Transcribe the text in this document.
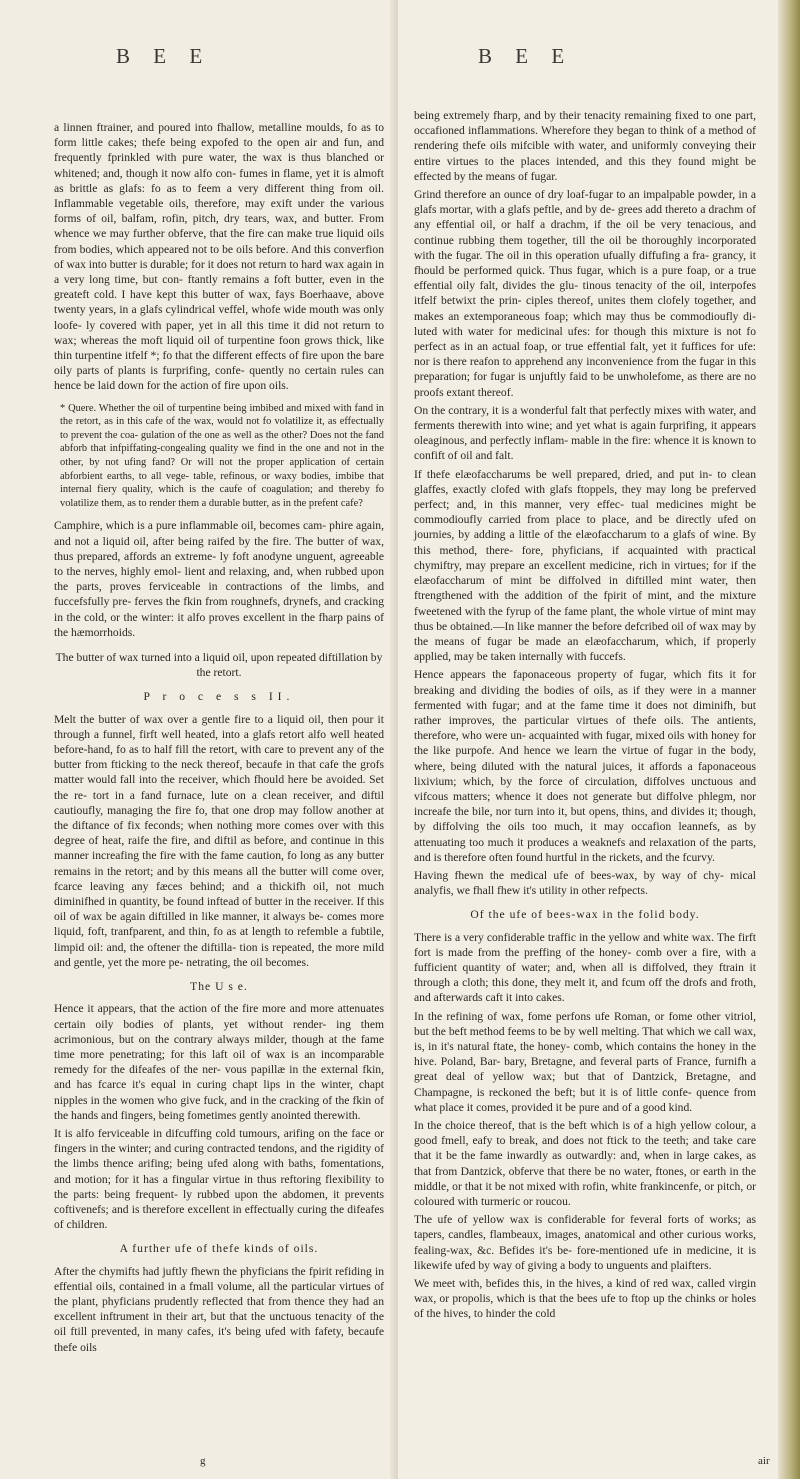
B E E

a linnen ftrainer, and poured into fhallow, metalline moulds, fo as to form little cakes; thefe being expofed to the open air and fun, and frequently fprinkled with pure water, the wax is thus blanched or whitened; and, though it now alfo con- fumes in flame, yet it is almoft as brittle as glafs: fo as to feem a very different thing from oil. Inflammable vegetable oils, therefore, may exift under the various forms of oil, balfam, rofin, pitch, dry tears, wax, and butter. From whence we may further obferve, that the fire can make true liquid oils from bodies, which appeared not to be oils before. And this converfion of wax into butter is durable; for it does not return to hard wax again in a very long time, but con- ftantly remains a foft butter, even in the greateft cold. I have kept this butter of wax, fays Boerhaave, above twenty years, in a glafs cylindrical veffel, whofe wide mouth was only loofe- ly covered with paper, yet in all this time it did not return to wax; whereas the moft liquid oil of turpentine foon grows thick, like thin turpentine itfelf *; fo that the different effects of fire upon the bare oily parts of plants is furprifing, confe- quently no certain rules can hence be laid down for the action of fire upon oils.

* Quere. Whether the oil of turpentine being imbibed and mixed with fand in the retort, as in this cafe of the wax, would not fo volatilize it, as effectually to prevent the coa- gulation of the one as well as the other? Does not the fand abforb that infpiffating-congealing quality we find in the one and not in the other, by not ufing fand? Or will not the proper application of certain abforbient earths, to all vege- table, refinous, or waxy bodies, imbibe that internal fiery quality, which is the caufe of coagulation; and thereby fo volatilize them, as to render them a durable butter, as in the prefent cafe?

Camphire, which is a pure inflammable oil, becomes cam- phire again, and not a liquid oil, after being raifed by the fire. The butter of wax, thus prepared, affords an extreme- ly foft anodyne unguent, agreeable to the nerves, highly emol- lient and relaxing, and, when rubbed upon the parts, proves ferviceable in contractions of the limbs, and fuccefsfully pre- ferves the fkin from roughnefs, drynefs, and cracking in the cold, or the winter: it alfo proves excellent in the fharp pains of the hæmorrhoids.

The butter of wax turned into a liquid oil, upon repeated diftillation by the retort.

P r o c e s s II.

Melt the butter of wax over a gentle fire to a liquid oil, then pour it through a funnel, firft well heated, into a glafs retort alfo well heated before-hand, fo as to half fill the retort, with care to prevent any of the butter from fticking to the neck thereof, becaufe in that cafe the grofs matter would fall into the receiver, which fhould here be avoided. Set the re- tort in a fand furnace, lute on a clean receiver, and diftil cautioufly, managing the fire fo, that one drop may follow another at the diftance of fix feconds; when nothing more comes over with this degree of heat, raife the fire, and diftil as before, and continue in this manner increafing the fire with the fame caution, fo long as any butter remains in the retort; and by this means all the butter will come over, fcarce leaving any fæces behind; and a thickifh oil, not much diminifhed in quantity, be found inftead of butter in the receiver. If this oil of wax be again diftilled in like manner, it always be- comes more liquid, foft, tranfparent, and thin, fo as at length to refemble a fubtile, limpid oil: and, the oftener the diftilla- tion is repeated, the more mild and gentle, yet the more pe- netrating, the oil becomes.

The U s e.

Hence it appears, that the action of the fire more and more attenuates certain oily bodies of plants, yet without render- ing them acrimonious, but on the contrary always milder, though at the fame time more penetrating; for this laft oil of wax is an incomparable remedy for the difeafes of the ner- vous papillæ in the external fkin, and has fcarce it's equal in curing chapt lips in the winter, chapt nipples in the women who give fuck, and in the cracking of the fkin of the hands and fingers, being fometimes gently anointed therewith.

It is alfo ferviceable in difcuffing cold tumours, arifing on the face or fingers in the winter; and curing contracted tendons, and the rigidity of the limbs thence arifing; being ufed along with baths, fomentations, and motion; for it has a fingular virtue in thus reftoring flexibility to the parts: being frequent- ly rubbed upon the abdomen, it prevents coftivenefs; and is therefore excellent in effectually curing the difeafes of children.

A further ufe of thefe kinds of oils.

After the chymifts had juftly fhewn the phyficians the fpirit refiding in effential oils, contained in a fmall volume, all the particular virtues of the plant, phyficians prudently reflected that from thence they had an excellent inftrument in their art, but that the unctuous tenacity of the oil ftill prevented, in many cafes, it's being ufed with fafety, becaufe thefe oils

g
B E E

being extremely fharp, and by their tenacity remaining fixed to one part, occafioned inflammations. Wherefore they began to think of a method of rendering thefe oils mifcible with water, and uniformly conveying their entire virtues to the places intended, and this they found might be effected by the means of fugar.

Grind therefore an ounce of dry loaf-fugar to an impalpable powder, in a glafs mortar, with a glafs peftle, and by de- grees add thereto a drachm of any effential oil, or half a drachm, if the oil be very tenacious, and continue rubbing them together, till the oil be thoroughly incorporated with the fugar. The oil in this operation ufually diffufing a fra- grancy, it fhould be performed quick. Thus fugar, which is a pure foap, or a true effential oily falt, divides the glu- tinous tenacity of the oil, interpofes itfelf betwixt the prin- ciples thereof, unites them clofely together, and makes an extemporaneous foap; which may thus be commodioufly di- luted with water for medicinal ufes: for though this mixture is not fo perfect as in an actual foap, or true effential falt, yet it fuffices for ufe: nor is there reafon to apprehend any inconvenience from the fugar in this preparation; for fugar is unjuftly faid to be unwholefome, as there are no proofs extant thereof.

On the contrary, it is a wonderful falt that perfectly mixes with water, and ferments therewith into wine; and yet what is again furprifing, it appears oleaginous, and perfectly inflam- mable in the fire: whence it is known to confift of oil and falt.

If thefe elæofaccharums be well prepared, dried, and put in- to clean glaffes, exactly clofed with glafs ftoppels, they may long be preferved perfect; and, in this manner, very effec- tual medicines might be commodioufly carried from place to place, and be directly ufed on journies, by adding a little of the elæofaccharum to a glafs of wine. By this method, there- fore, phyficians, if acquainted with practical chymiftry, may prepare an excellent medicine, rich in virtues; for if the elæofaccharum of mint be diffolved in diftilled mint water, then ftrengthened with the addition of the fpirit of mint, and the mixture fweetened with the fyrup of the fame plant, the whole virtue of mint may thus be obtained.—In like manner the before defcribed oil of wax may by the means of fugar be made an elæofaccharum, which, if properly applied, may be taken internally with fuccefs.

Hence appears the faponaceous property of fugar, which fits it for breaking and dividing the bodies of oils, as if they were in a manner fermented with fugar; and at the fame time it does not diminifh, but rather improves, the particular virtues of thefe oils. The antients, therefore, who were un- acquainted with fugar, mixed oils with honey for the like purpofe. And hence we learn the virtue of fugar in the body, where, being diluted with the natural juices, it affords a faponaceous lixivium; which, by the force of circulation, diffolves unctuous and vifcous matters; whence it does not generate but diffolve phlegm, nor increafe the bile, nor turn into it, but opens, thins, and divides it; though, by diffolving the oils too much, it may occafion leannefs, as by attenuating too much it produces a weaknefs and relaxation of the parts, and is therefore often found hurtful in the rickets, and the fcurvy.

Having fhewn the medical ufe of bees-wax, by way of chy- mical analyfis, we fhall fhew it's utility in other refpects.

Of the ufe of bees-wax in the folid body.

There is a very confiderable traffic in the yellow and white wax. The firft fort is made from the preffing of the honey- comb over a fire, with a fufficient quantity of water; and, when all is diffolved, they ftrain it through a cloth; this done, they melt it, and fcum off the drofs and froth, and afterwards caft it into cakes.

In the refining of wax, fome perfons ufe Roman, or fome other vitriol, but the beft method feems to be by well melting. That which we call wax, is, in it's natural ftate, the honey- comb, which contains the honey in the hive. Poland, Bar- bary, Bretagne, and feveral parts of France, furnifh a great deal of yellow wax; but that of Dantzick, Bretagne, and Champagne, is reckoned the beft; but it is of little confe- quence from what place it comes, provided it be pure and of a good kind.

In the choice thereof, that is the beft which is of a high yellow colour, a good fmell, eafy to break, and does not ftick to the teeth; and take care that it be the fame inwardly as outwardly: and, when in large cakes, as that from Dantzick, obferve that there be no water, ftones, or earth in the middle, or that it be not mixed with rofin, white frankincenfe, or pitch, or coloured with turmeric or roucou.

The ufe of yellow wax is confiderable for feveral forts of works; as tapers, candles, flambeaux, images, anatomical and other curious works, fealing-wax, &c. Befides it's be- fore-mentioned ufe in medicine, it is likewife ufed by way of giving a body to unguents and plaifters.

We meet with, befides this, in the hives, a kind of red wax, called virgin wax, or propolis, which is that the bees ufe to ftop up the chinks or holes of the hives, to hinder the cold

air
